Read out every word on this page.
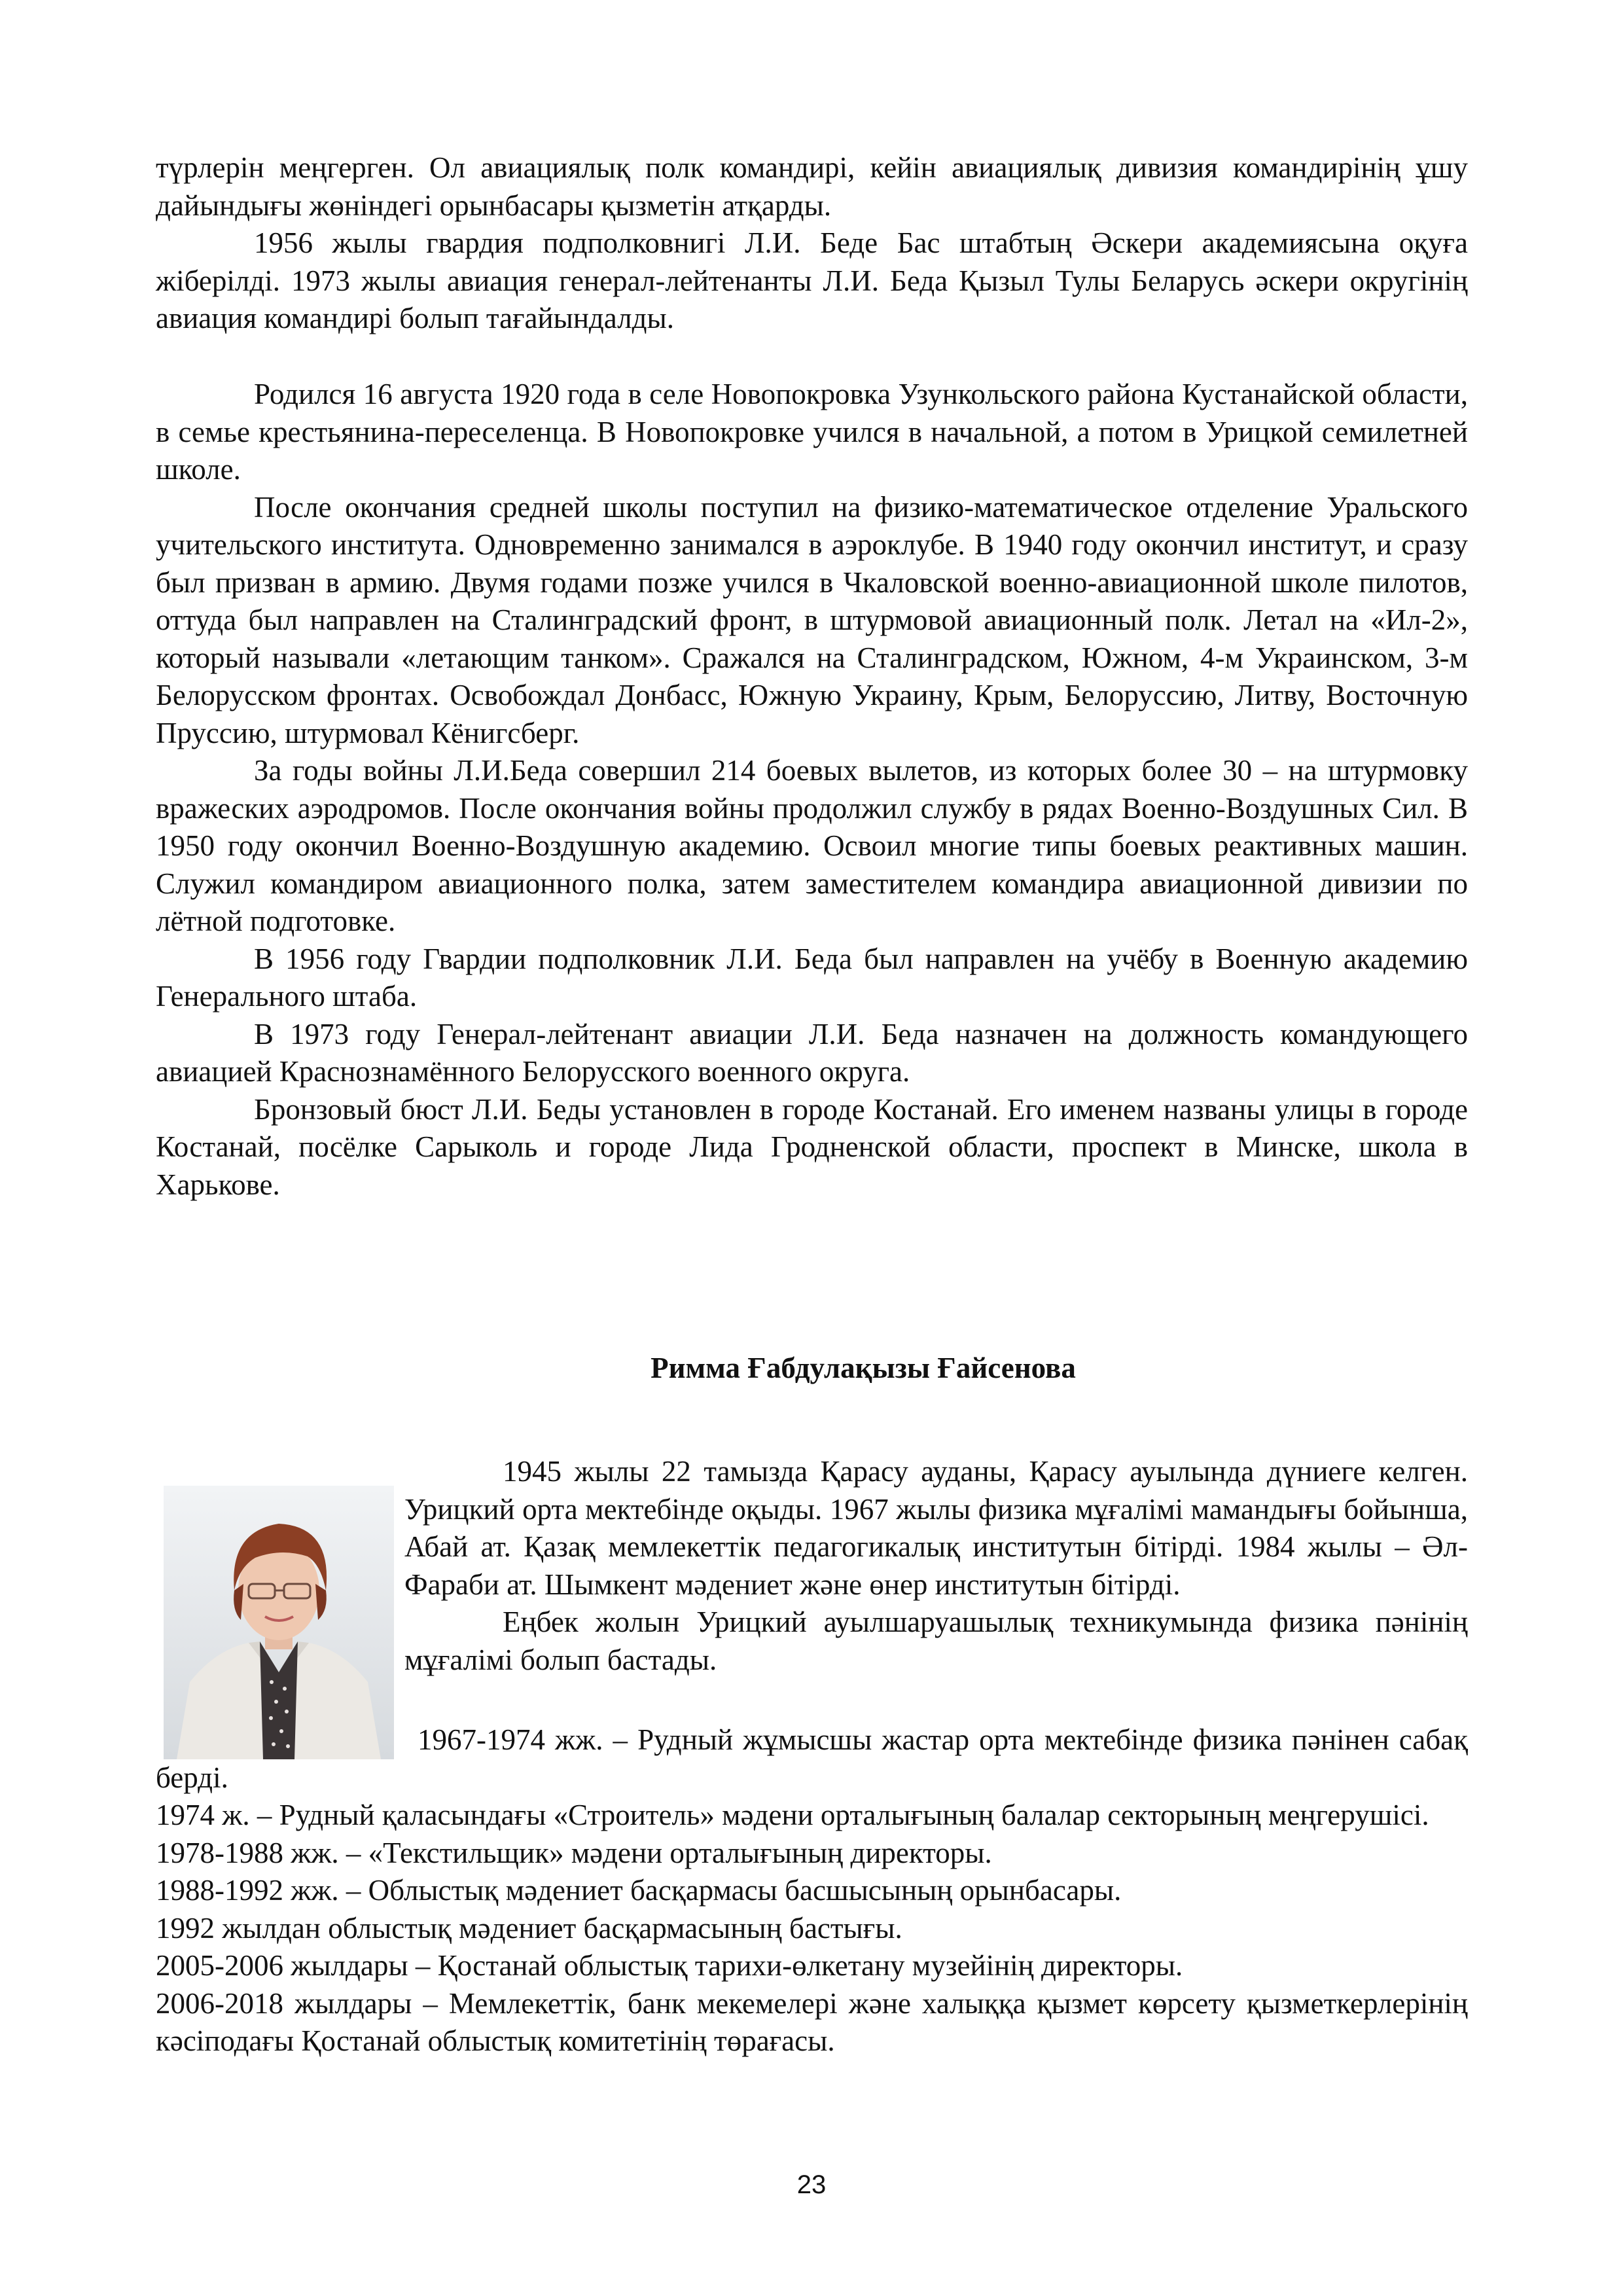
түрлерін меңгерген. Ол авиациялық полк командирі, кейін авиациялық дивизия командирінің ұшу дайындығы жөніндегі орынбасары қызметін атқарды.

1956 жылы гвардия подполковнигі Л.И. Беде Бас штабтың Әскери академиясына оқуға жіберілді. 1973 жылы авиация генерал-лейтенанты Л.И. Беда Қызыл Тулы Беларусь әскери округінің авиация командирі болып тағайындалды.

Родился 16 августа 1920 года в селе Новопокровка Узункольского района Кустанайской области, в семье крестьянина-переселенца. В Новопокровке учился в начальной, а потом в Урицкой семилетней школе.

После окончания средней школы поступил на физико-математическое отделение Уральского учительского института. Одновременно занимался в аэроклубе. В 1940 году окончил институт, и сразу был призван в армию. Двумя годами позже учился в Чкаловской военно-авиационной школе пилотов, оттуда был направлен на Сталинградский фронт, в штурмовой авиационный полк. Летал на «Ил-2», который называли «летающим танком». Сражался на Сталинградском, Южном, 4-м Украинском, 3-м Белорусском фронтах. Освобождал Донбасс, Южную Украину, Крым, Белоруссию, Литву, Восточную Пруссию, штурмовал Кёнигсберг.

За годы войны Л.И.Беда совершил 214 боевых вылетов, из которых более 30 – на штурмовку вражеских аэродромов. После окончания войны продолжил службу в рядах Военно-Воздушных Сил. В 1950 году окончил Военно-Воздушную академию. Освоил многие типы боевых реактивных машин. Служил командиром авиационного полка, затем заместителем командира авиационной дивизии по лётной подготовке.

В 1956 году Гвардии подполковник Л.И. Беда был направлен на учёбу в Военную академию Генерального штаба.

В 1973 году Генерал-лейтенант авиации Л.И. Беда назначен на должность командующего авиацией Краснознамённого Белорусского военного округа.

Бронзовый бюст Л.И. Беды установлен в городе Костанай. Его именем названы улицы в городе Костанай, посёлке Сарыколь и городе Лида Гродненской области, проспект в Минске, школа в Харькове.

Римма Ғабдулақызы Ғайсенова

1945 жылы 22 тамызда Қарасу ауданы, Қарасу ауылында дүниеге келген. Урицкий орта мектебінде оқыды. 1967 жылы физика мұғалімі мамандығы бойынша, Абай ат. Қазақ мемлекеттік педагогикалық институтын бітірді. 1984 жылы – Әл-Фараби ат. Шымкент мәдениет және өнер институтын бітірді.

Еңбек жолын Урицкий ауылшаруашылық техникумында физика пәнінің мұғалімі болып бастады.

1967-1974 жж. – Рудный жұмысшы жастар орта мектебінде физика пәнінен сабақ берді.

1974 ж. – Рудный қаласындағы «Строитель» мәдени орталығының балалар секторының меңгерушісі.

1978-1988 жж. – «Текстильщик» мәдени орталығының директоры.

1988-1992 жж. – Облыстық мәдениет басқармасы басшысының орынбасары.

1992 жылдан облыстық мәдениет басқармасының бастығы.

2005-2006 жылдары – Қостанай облыстық тарихи-өлкетану музейінің директоры.

2006-2018 жылдары – Мемлекеттік, банк мекемелері және халыққа қызмет көрсету қызметкерлерінің кәсіподағы Қостанай облыстық комитетінің төрағасы.

23
